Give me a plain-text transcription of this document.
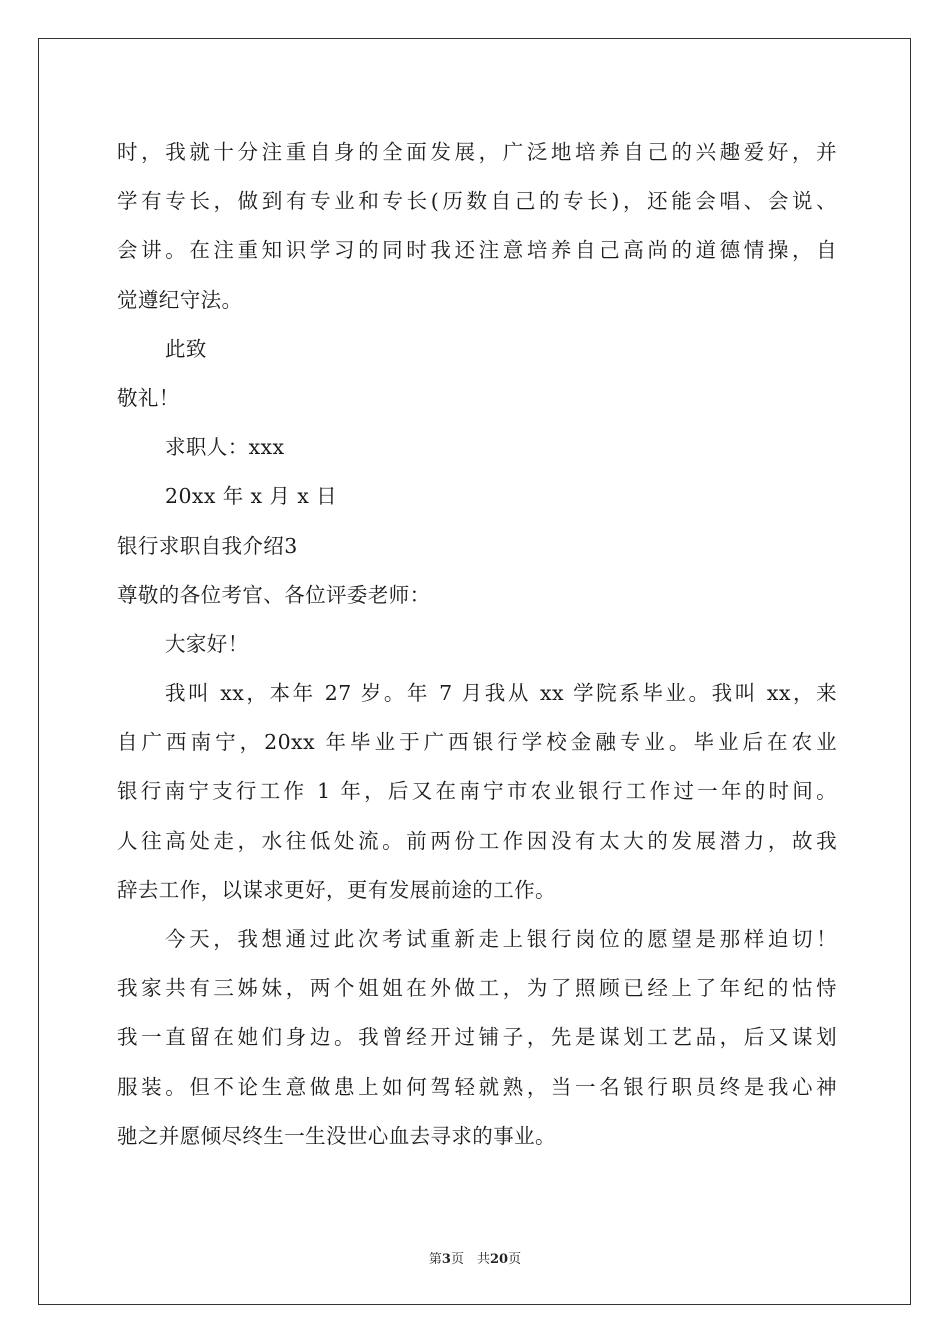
时，我就十分注重自身的全面发展，广泛地培养自己的兴趣爱好，并
学有专长，做到有专业和专长(历数自己的专长)，还能会唱、会说、
会讲。在注重知识学习的同时我还注意培养自己高尚的道德情操，自
觉遵纪守法。
此致
敬礼！
求职人：xxx
20xx 年 x 月 x 日
银行求职自我介绍3
尊敬的各位考官、各位评委老师：
大家好！
我叫 xx，本年 27 岁。年 7 月我从 xx 学院系毕业。我叫 xx，来
自广西南宁，20xx 年毕业于广西银行学校金融专业。毕业后在农业
银行南宁支行工作 1 年，后又在南宁市农业银行工作过一年的时间。
人往高处走，水往低处流。前两份工作因没有太大的发展潜力，故我
辞去工作，以谋求更好，更有发展前途的工作。
今天，我想通过此次考试重新走上银行岗位的愿望是那样迫切！
我家共有三姊妹，两个姐姐在外做工，为了照顾已经上了年纪的怙恃
我一直留在她们身边。我曾经开过铺子，先是谋划工艺品，后又谋划
服装。但不论生意做患上如何驾轻就熟，当一名银行职员终是我心神
驰之并愿倾尽终生一生没世心血去寻求的事业。
第3页　共20页
